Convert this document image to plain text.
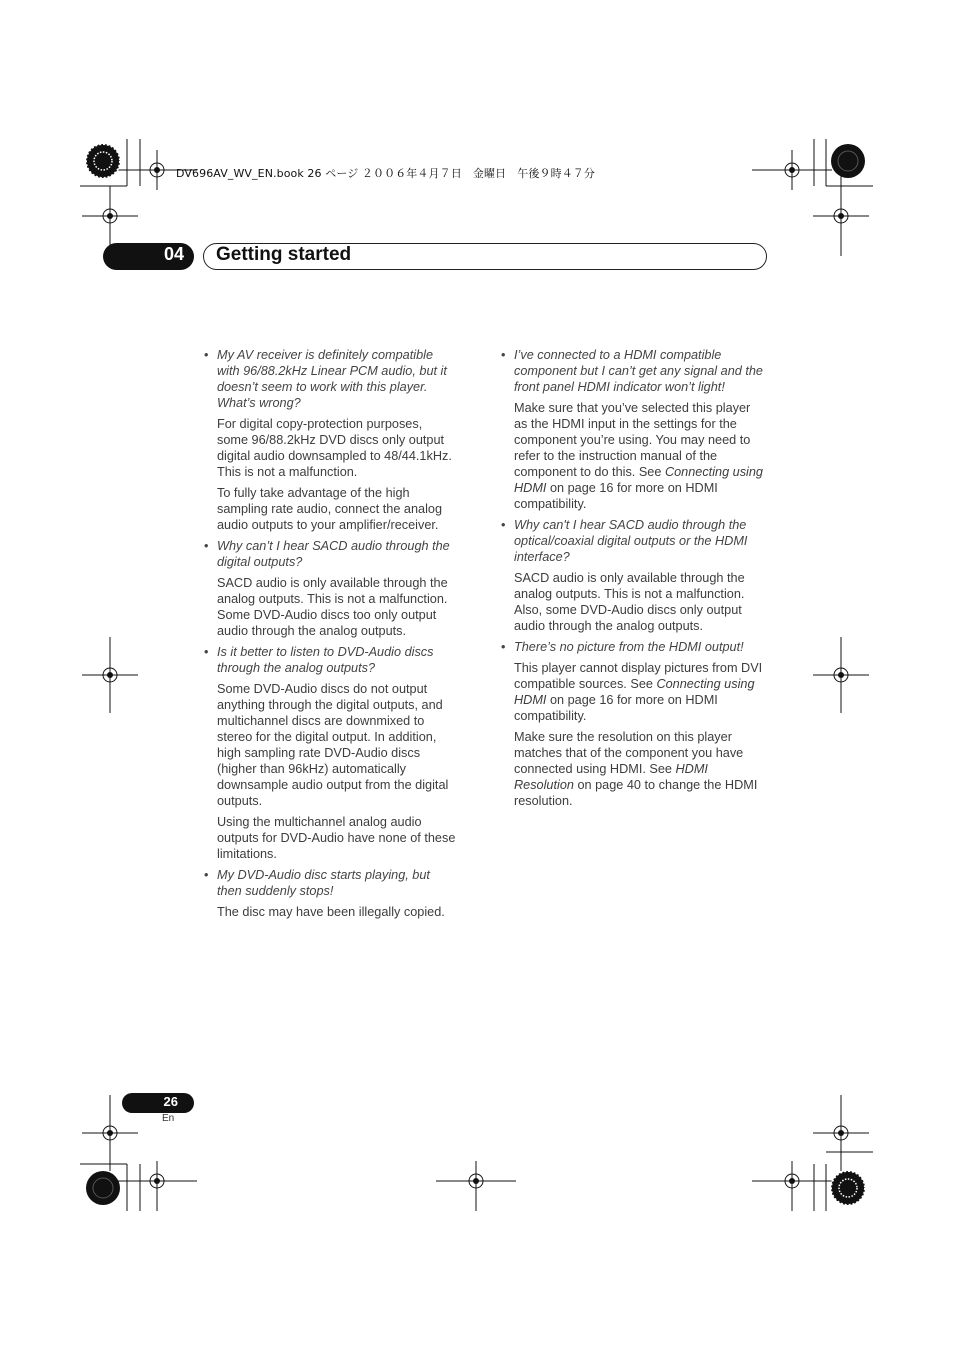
DV696AV_WV_EN.book 26 ページ ２００６年４月７日　金曜日　午後９時４７分
04 Getting started
• My AV receiver is definitely compatible with 96/88.2kHz Linear PCM audio, but it doesn’t seem to work with this player. What’s wrong?
For digital copy-protection purposes, some 96/88.2kHz DVD discs only output digital audio downsampled to 48/44.1kHz. This is not a malfunction.
To fully take advantage of the high sampling rate audio, connect the analog audio outputs to your amplifier/receiver.
• Why can’t I hear SACD audio through the digital outputs?
SACD audio is only available through the analog outputs. This is not a malfunction. Some DVD-Audio discs too only output audio through the analog outputs.
• Is it better to listen to DVD-Audio discs through the analog outputs?
Some DVD-Audio discs do not output anything through the digital outputs, and multichannel discs are downmixed to stereo for the digital output. In addition, high sampling rate DVD-Audio discs (higher than 96kHz) automatically downsample audio output from the digital outputs.
Using the multichannel analog audio outputs for DVD-Audio have none of these limitations.
• My DVD-Audio disc starts playing, but then suddenly stops!
The disc may have been illegally copied.
• I’ve connected to a HDMI compatible component but I can’t get any signal and the front panel HDMI indicator won’t light!
Make sure that you’ve selected this player as the HDMI input in the settings for the component you’re using. You may need to refer to the instruction manual of the component to do this. See Connecting using HDMI on page 16 for more on HDMI compatibility.
• Why can't I hear SACD audio through the optical/coaxial digital outputs or the HDMI interface?
SACD audio is only available through the analog outputs. This is not a malfunction. Also, some DVD-Audio discs only output audio through the analog outputs.
• There’s no picture from the HDMI output!
This player cannot display pictures from DVI compatible sources. See Connecting using HDMI on page 16 for more on HDMI compatibility.
Make sure the resolution on this player matches that of the component you have connected using HDMI. See HDMI Resolution on page 40 to change the HDMI resolution.
26
En
